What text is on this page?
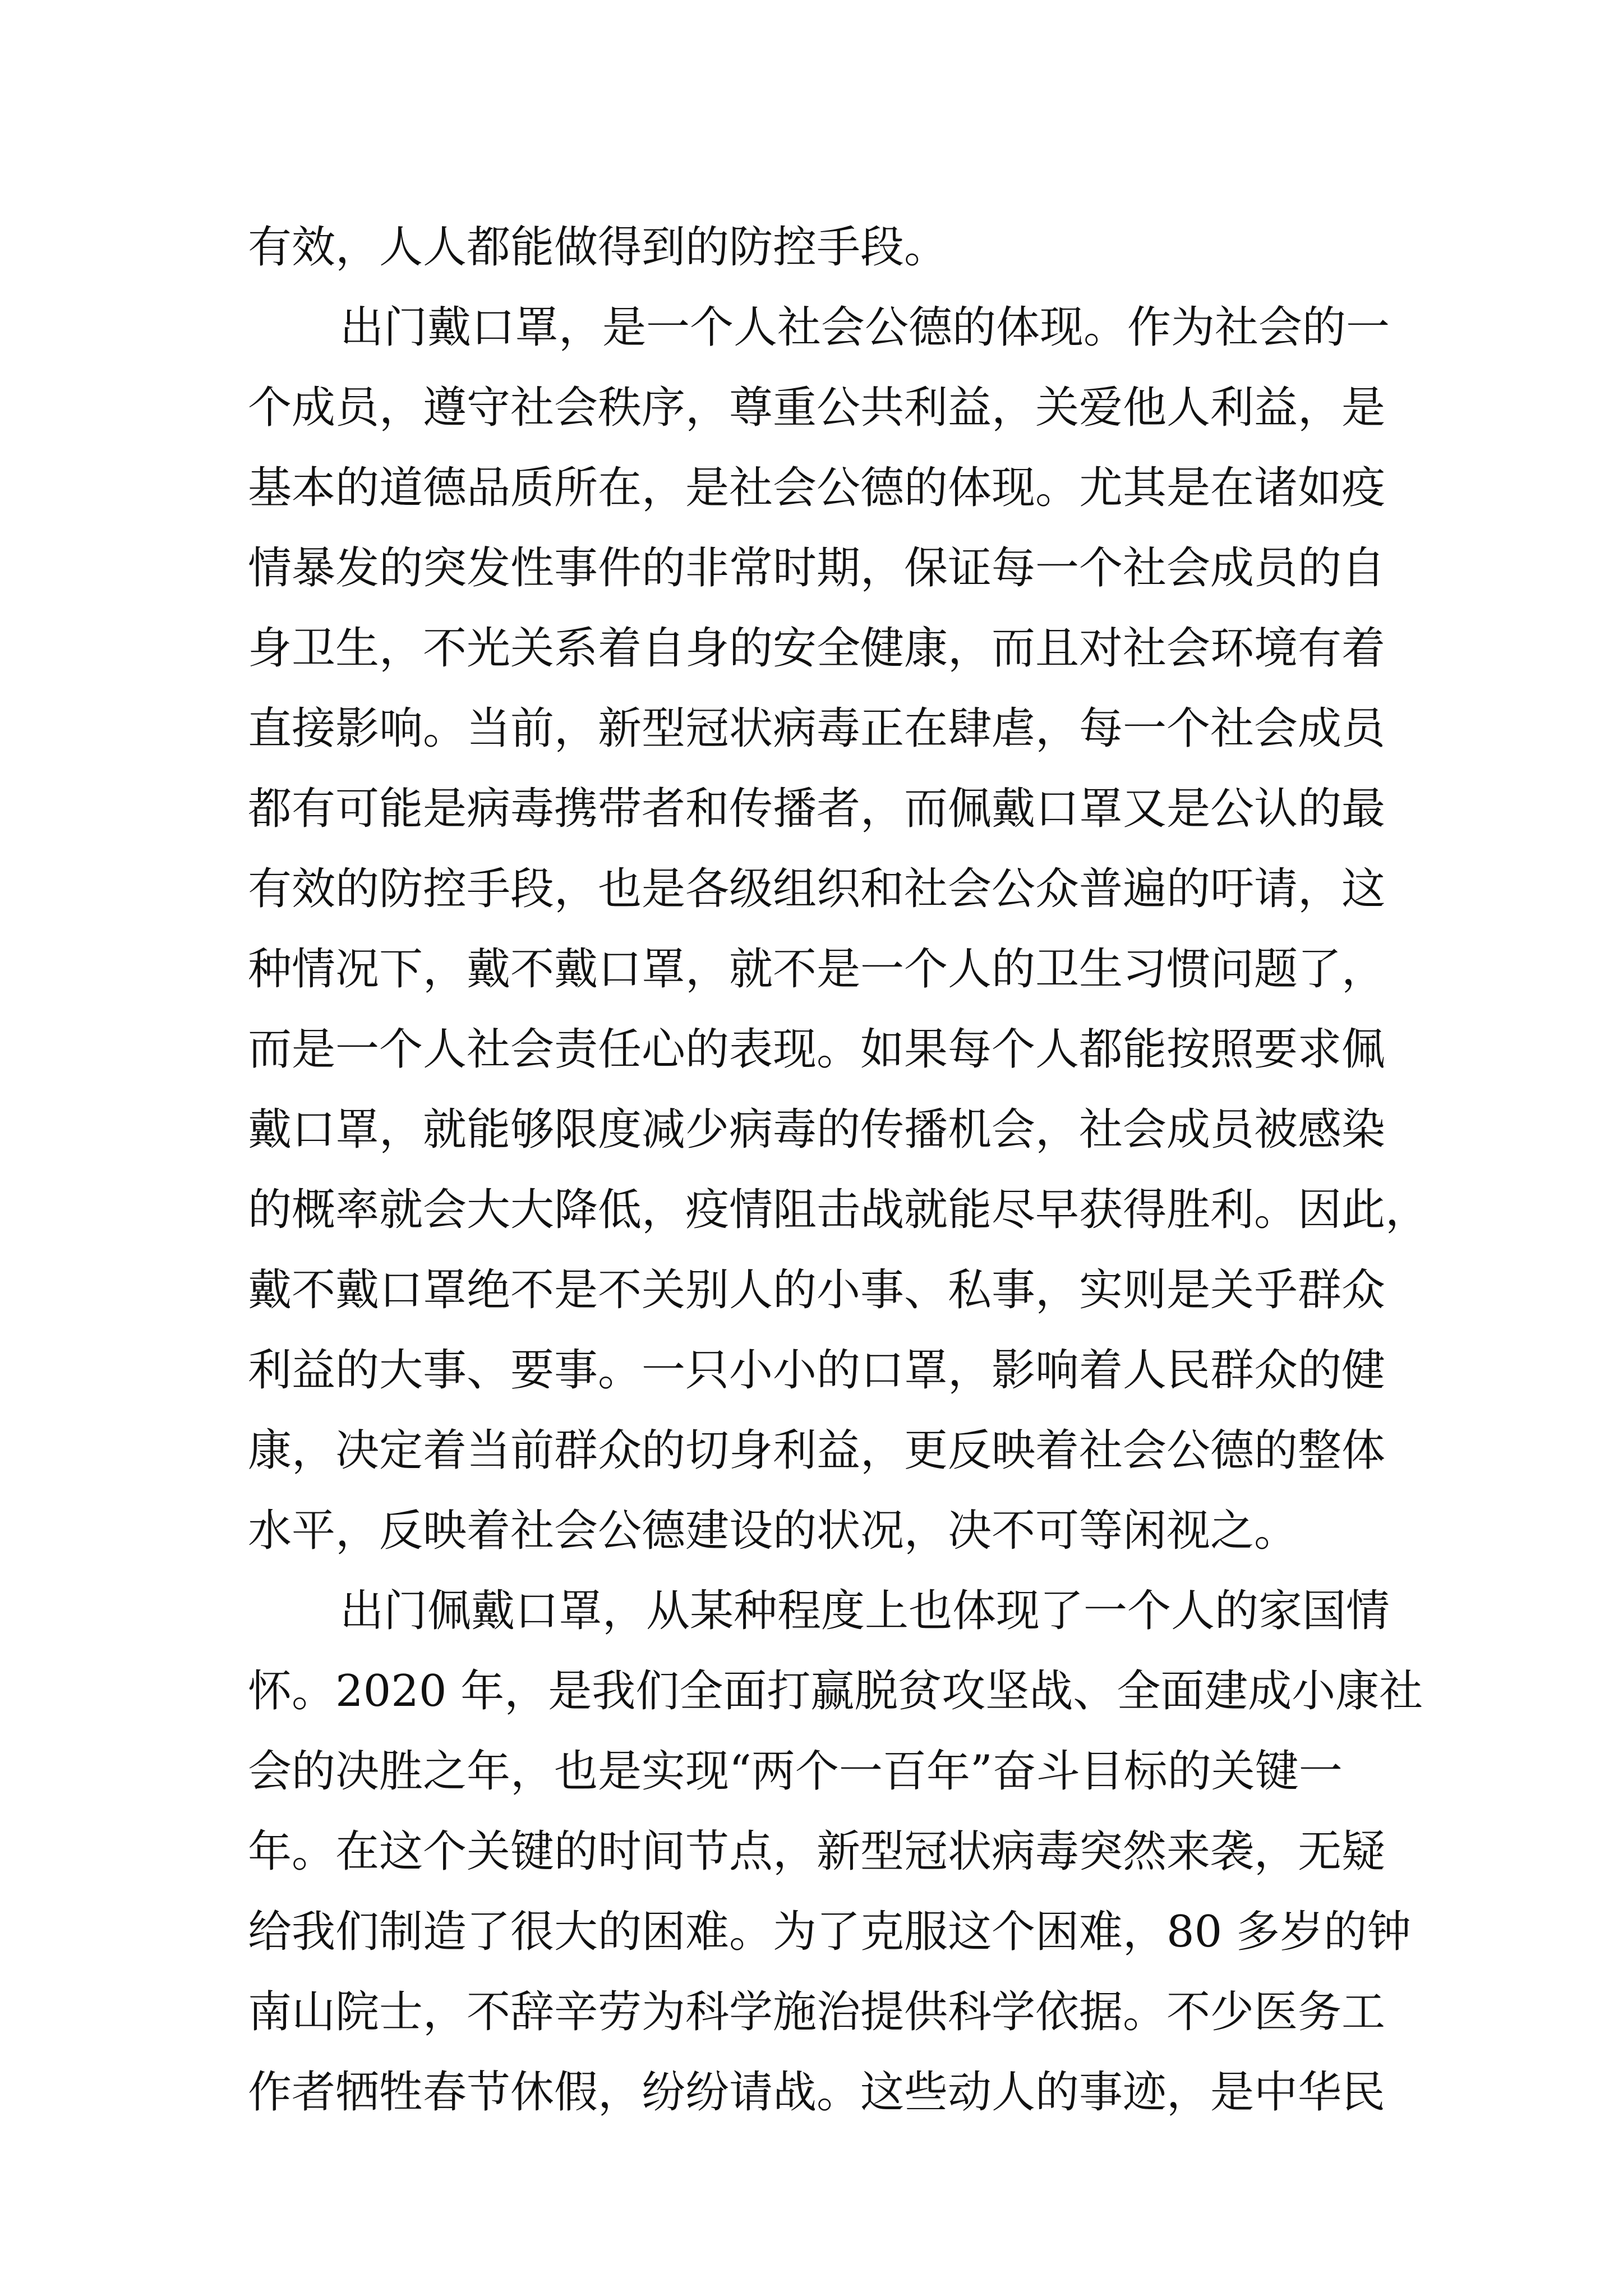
有效，人人都能做得到的防控手段。
出门戴口罩，是一个人社会公德的体现。作为社会的一
个成员，遵守社会秩序，尊重公共利益，关爱他人利益，是
基本的道德品质所在，是社会公德的体现。尤其是在诸如疫
情暴发的突发性事件的非常时期，保证每一个社会成员的自
身卫生，不光关系着自身的安全健康，而且对社会环境有着
直接影响。当前，新型冠状病毒正在肆虐，每一个社会成员
都有可能是病毒携带者和传播者，而佩戴口罩又是公认的最
有效的防控手段，也是各级组织和社会公众普遍的吁请，这
种情况下，戴不戴口罩，就不是一个人的卫生习惯问题了，
而是一个人社会责任心的表现。如果每个人都能按照要求佩
戴口罩，就能够限度减少病毒的传播机会，社会成员被感染
的概率就会大大降低，疫情阻击战就能尽早获得胜利。因此，
戴不戴口罩绝不是不关别人的小事、私事，实则是关乎群众
利益的大事、要事。一只小小的口罩，影响着人民群众的健
康，决定着当前群众的切身利益，更反映着社会公德的整体
水平，反映着社会公德建设的状况，决不可等闲视之。
出门佩戴口罩，从某种程度上也体现了一个人的家国情
怀。2020 年，是我们全面打赢脱贫攻坚战、全面建成小康社
会的决胜之年，也是实现“两个一百年”奋斗目标的关键一
年。在这个关键的时间节点，新型冠状病毒突然来袭，无疑
给我们制造了很大的困难。为了克服这个困难，80 多岁的钟
南山院士，不辞辛劳为科学施治提供科学依据。不少医务工
作者牺牲春节休假，纷纷请战。这些动人的事迹，是中华民
